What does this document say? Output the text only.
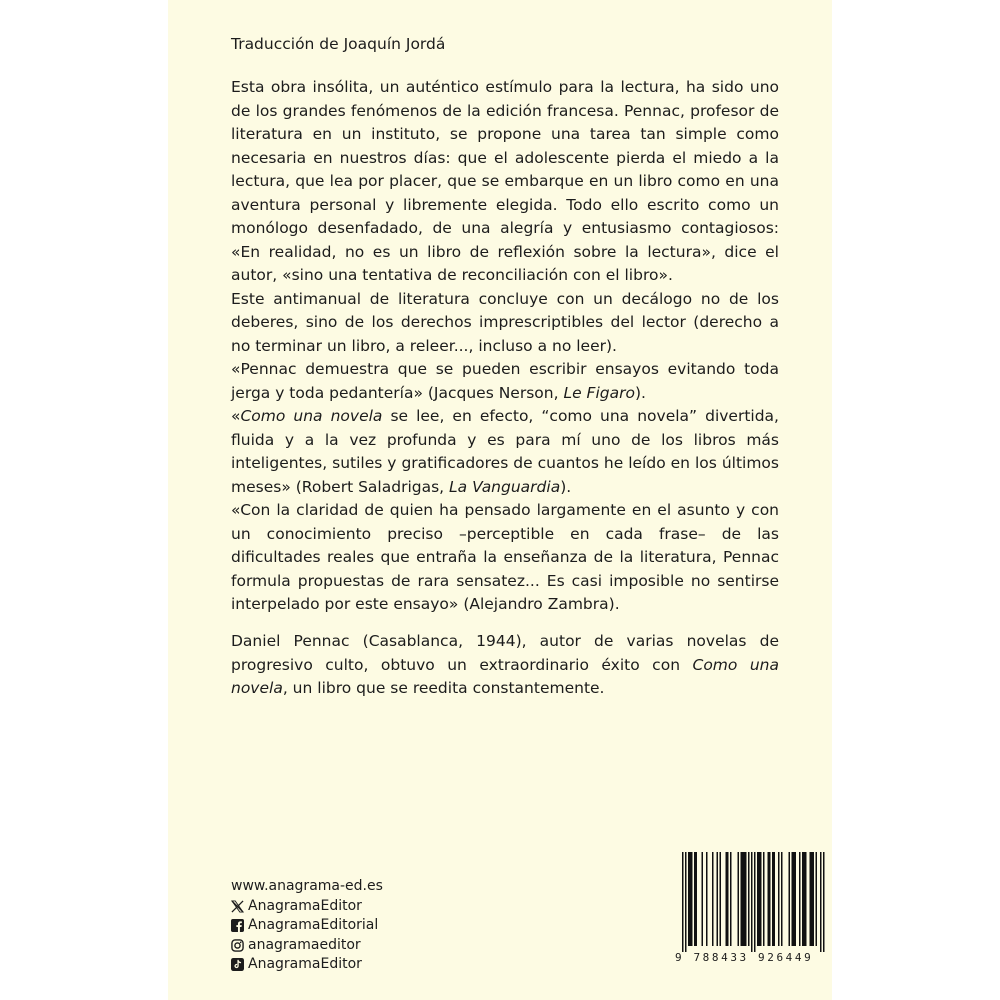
Traducción de Joaquín Jordá

Esta obra insólita, un auténtico estímulo para la lectura, ha sido uno de los grandes fenómenos de la edición francesa. Pennac, profesor de literatura en un instituto, se propone una tarea tan simple como necesaria en nuestros días: que el adolescente pierda el miedo a la lectura, que lea por placer, que se embarque en un libro como en una aventura personal y libremente elegida. Todo ello escrito como un monólogo desenfadado, de una alegría y entusiasmo contagiosos: «En realidad, no es un libro de reflexión sobre la lectura», dice el autor, «sino una tentativa de reconciliación con el libro».

Este antimanual de literatura concluye con un decálogo no de los deberes, sino de los derechos imprescriptibles del lector (derecho a no terminar un libro, a releer..., incluso a no leer).

«Pennac demuestra que se pueden escribir ensayos evitando toda jerga y toda pedantería» (Jacques Nerson, Le Figaro).

«Como una novela se lee, en efecto, “como una novela” divertida, fluida y a la vez profunda y es para mí uno de los libros más inteligentes, sutiles y gratificadores de cuantos he leído en los últimos meses» (Robert Saladrigas, La Vanguardia).

«Con la claridad de quien ha pensado largamente en el asunto y con un conocimiento preciso –perceptible en cada frase– de las dificultades reales que entraña la enseñanza de la literatura, Pennac formula propuestas de rara sensatez... Es casi imposible no sentirse interpelado por este ensayo» (Alejandro Zambra).

Daniel Pennac (Casablanca, 1944), autor de varias novelas de progresivo culto, obtuvo un extraordinario éxito con Como una novela, un libro que se reedita constantemente.

www.anagrama-ed.es
AnagramaEditor
AnagramaEditorial
anagramaeditor
AnagramaEditor	9 788433 926449
